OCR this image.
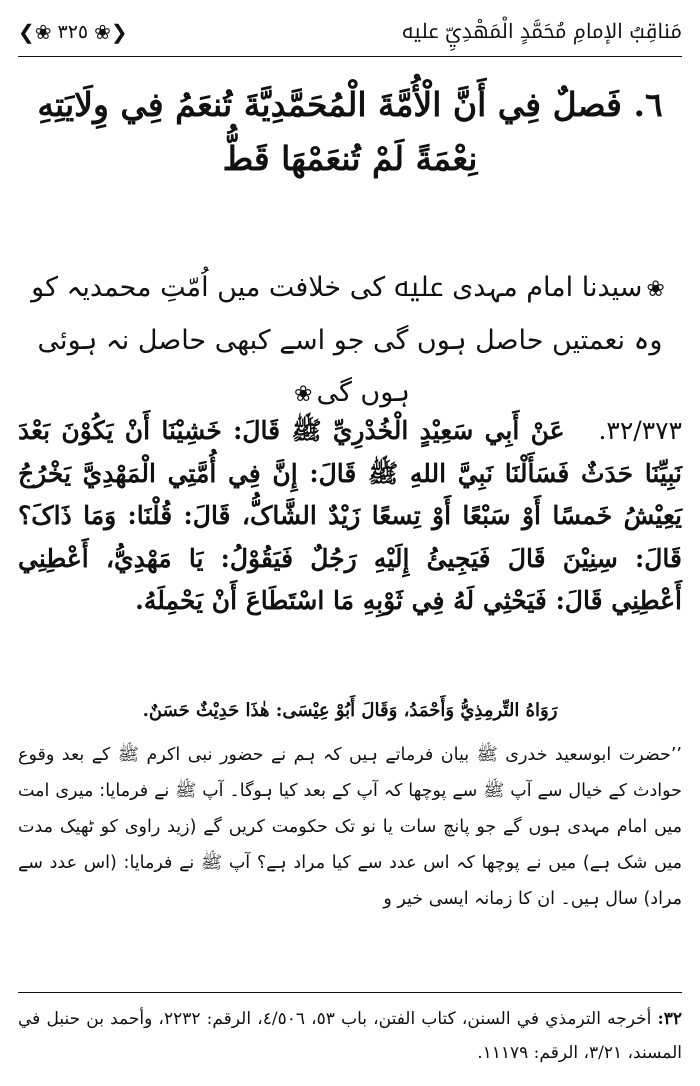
مَناقِبُ الإمامِ مُحَمَّدٍ الْمَهْدِيِّ ﷷ
❮❀ ٣٢٥ ❀❯
٦. فَصلٌ فِي أَنَّ الْأُمَّةَ الْمُحَمَّدِيَّةَ تُنعَمُ فِي وِلَايَتِهِ نِعْمَةً لَمْ تُنعَمْهَا قَطُّ
❀سیدنا امام مہدی ﷷ کی خلافت میں اُمّتِ محمدیہ کو وہ نعمتیں حاصل ہوں گی جو اسے کبھی حاصل نہ ہوئی ہوں گی❀
٣٢/٣٧٣.   عَنْ أَبِي سَعِيْدٍ الْخُدْرِيِّ ﷺ قَالَ: خَشِيْنَا أَنْ يَكُوْنَ بَعْدَ نَبِيِّنَا حَدَثٌ فَسَأَلْنَا نَبِيَّ اللهِ ﷺ قَالَ: إِنَّ فِي أُمَّتِي الْمَهْدِيَّ يَخْرُجُ يَعِيْشُ خَمسًا أَوْ سَبْعًا أَوْ تِسعًا زَيْدٌ الشَّاکُّ، قَالَ: قُلْنَا: وَمَا ذَاکَ؟ قَالَ: سِنِيْنَ قَالَ فَيَجِيئُ إِلَيْهِ رَجُلٌ فَيَقُوْلُ: يَا مَهْدِيُّ، أَعْطِنِي أَعْطِنِي قَالَ: فَيَحْثِي لَهُ فِي ثَوْبِهِ مَا اسْتَطَاعَ أَنْ يَحْمِلَهُ.
رَوَاهُ التِّرمِذِيُّ وَأَحْمَدُ، وَقَالَ أَبُوْ عِيْسَى: هٰذَا حَدِيْثٌ حَسَنٌ.
’’حضرت ابوسعید خدری ﷺ بیان فرماتے ہیں کہ ہم نے حضور نبی اکرم ﷺ کے بعد وقوع حوادث کے خیال سے آپ ﷺ سے پوچھا کہ آپ کے بعد کیا ہوگا۔ آپ ﷺ نے فرمایا: میری امت میں امام مہدی ہوں گے جو پانچ سات یا نو تک حکومت کریں گے (زید راوی کو ٹھیک مدت میں شک ہے) میں نے پوچھا کہ اس عدد سے کیا مراد ہے؟ آپ ﷺ نے فرمایا: (اس عدد سے مراد) سال ہیں۔ ان کا زمانہ ایسی خیر و
٣٢: أخرجه الترمذي في السنن، كتاب الفتن، باب ٥٣، ٤/٥٠٦، الرقم: ٢٢٣٢، وأحمد بن حنبل في المسند، ٣/٢١، الرقم: ١١١٧٩.
